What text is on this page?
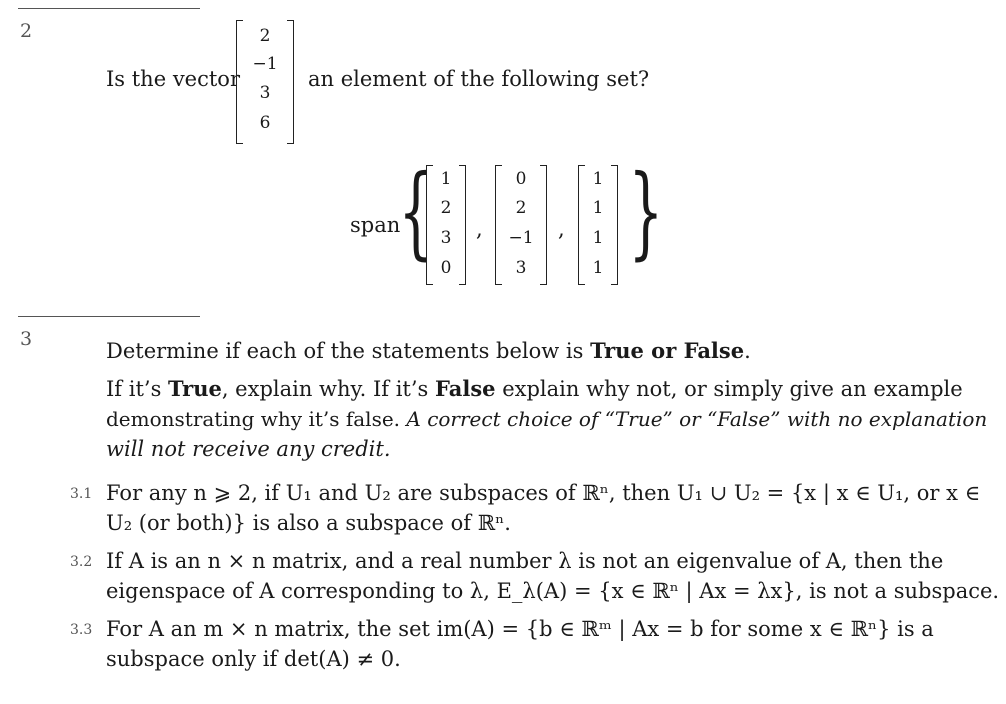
2
Is the vector
2
−1
3
6
an element of the following set?
span
{ 1
2
3
0
,
0
2
−1
3
,
1
1
1
1 }
3	Determine if each of the statements below is True or False.
If it’s True, explain why. If it’s False explain why not, or simply give an example
demonstrating why it’s false. A correct choice of “True” or “False” with no explanation
will not receive any credit.
3.1 For any n ⩾ 2, if U₁ and U₂ are subspaces of ℝⁿ, then U₁ ∪ U₂ = {x | x ∈ U₁, or x ∈
U₂ (or both)} is also a subspace of ℝⁿ.
3.2 If A is an n × n matrix, and a real number λ is not an eigenvalue of A, then the
eigenspace of A corresponding to λ, E_λ(A) = {x ∈ ℝⁿ | Ax = λx}, is not a subspace.
3.3 For A an m × n matrix, the set im(A) = {b ∈ ℝᵐ | Ax = b for some x ∈ ℝⁿ} is a
subspace only if det(A) ≠ 0.
